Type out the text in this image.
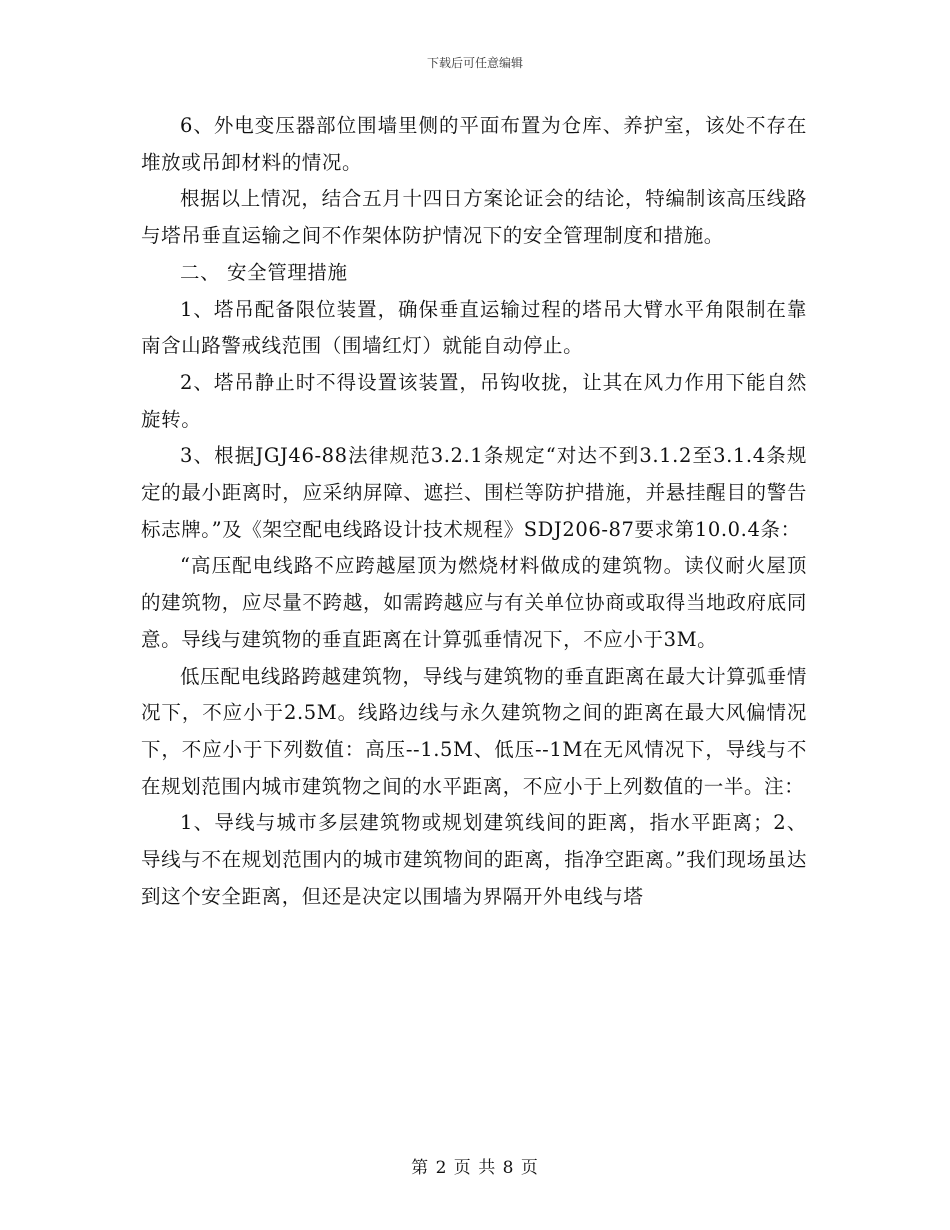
下载后可任意编辑

6、外电变压器部位围墙里侧的平面布置为仓库、养护室，该处不存在堆放或吊卸材料的情况。

根据以上情况，结合五月十四日方案论证会的结论，特编制该高压线路与塔吊垂直运输之间不作架体防护情况下的安全管理制度和措施。

二、 安全管理措施

1、塔吊配备限位装置，确保垂直运输过程的塔吊大臂水平角限制在靠南含山路警戒线范围（围墙红灯）就能自动停止。

2、塔吊静止时不得设置该装置，吊钩收拢，让其在风力作用下能自然旋转。

3、根据JGJ46-88法律规范3.2.1条规定“对达不到3.1.2至3.1.4条规定的最小距离时，应采纳屏障、遮拦、围栏等防护措施，并悬挂醒目的警告标志牌。”及《架空配电线路设计技术规程》SDJ206-87要求第10.0.4条：

“高压配电线路不应跨越屋顶为燃烧材料做成的建筑物。读仪耐火屋顶的建筑物，应尽量不跨越，如需跨越应与有关单位协商或取得当地政府底同意。导线与建筑物的垂直距离在计算弧垂情况下，不应小于3M。

低压配电线路跨越建筑物，导线与建筑物的垂直距离在最大计算弧垂情况下，不应小于2.5M。线路边线与永久建筑物之间的距离在最大风偏情况下，不应小于下列数值：高压--1.5M、低压--1M在无风情况下，导线与不在规划范围内城市建筑物之间的水平距离，不应小于上列数值的一半。注：

1、导线与城市多层建筑物或规划建筑线间的距离，指水平距离；2、导线与不在规划范围内的城市建筑物间的距离，指净空距离。”我们现场虽达到这个安全距离，但还是决定以围墙为界隔开外电线与塔

第 2 页 共 8 页
